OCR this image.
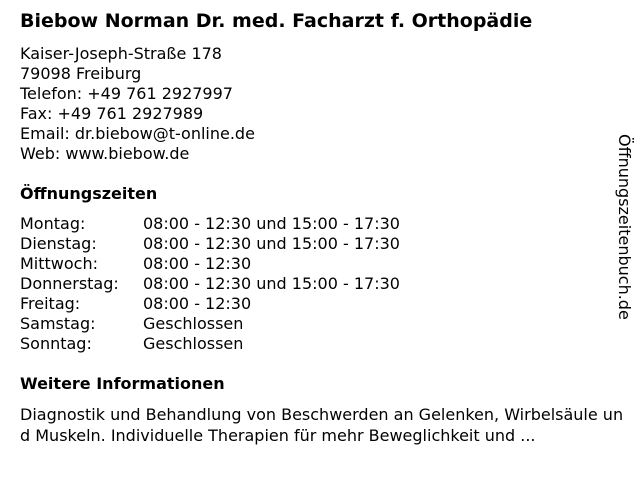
Biebow Norman Dr. med. Facharzt f. Orthopädie
Kaiser-Joseph-Straße 178
79098 Freiburg
Telefon: +49 761 2927997
Fax: +49 761 2927989
Email: dr.biebow@t-online.de
Web: www.biebow.de
Öffnungszeiten
Montag:	08:00 - 12:30 und 15:00 - 17:30
Dienstag:	08:00 - 12:30 und 15:00 - 17:30
Mittwoch:	08:00 - 12:30
Donnerstag:	08:00 - 12:30 und 15:00 - 17:30
Freitag:	08:00 - 12:30
Samstag:	Geschlossen
Sonntag:	Geschlossen
Weitere Informationen
Diagnostik und Behandlung von Beschwerden an Gelenken, Wirbelsäule und Muskeln. Individuelle Therapien für mehr Beweglichkeit und ...
Öffnungszeitenbuch.de
